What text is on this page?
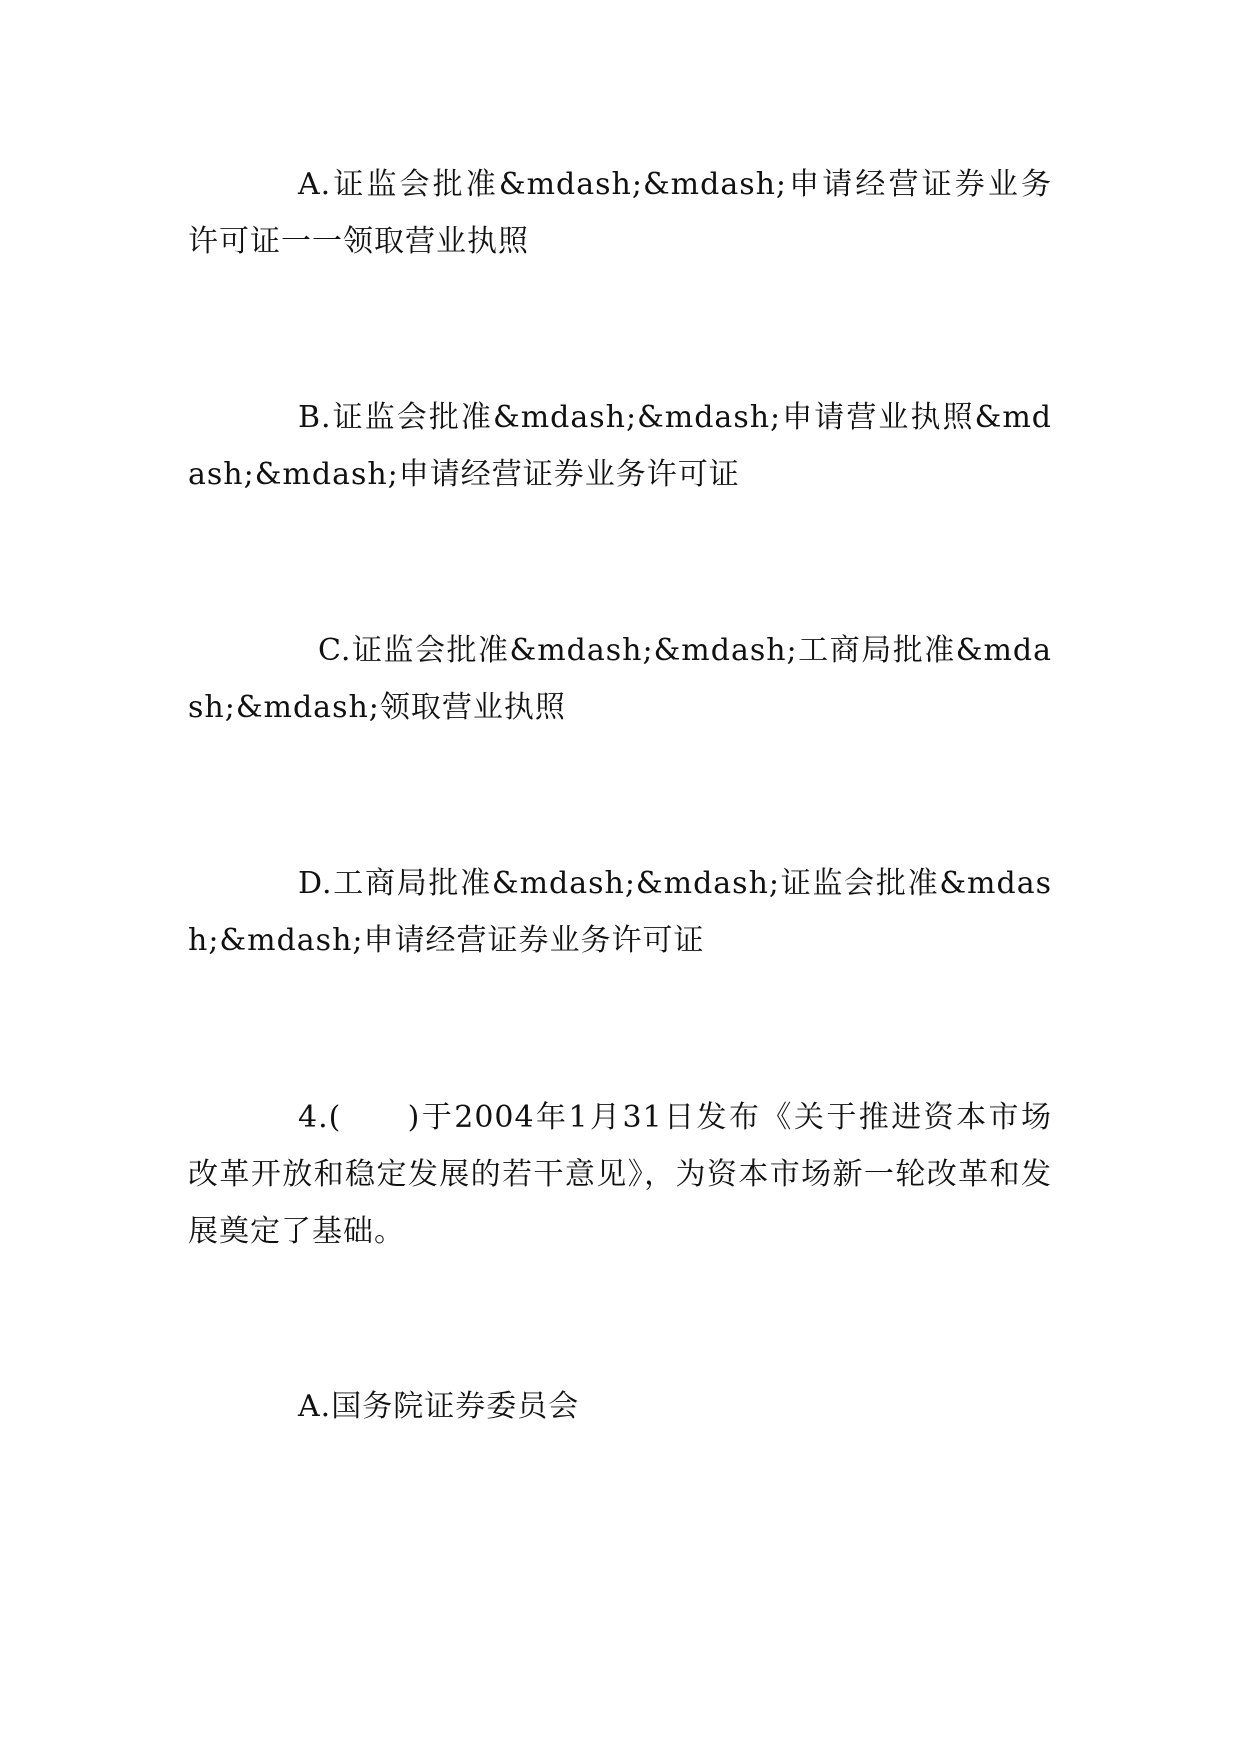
A.证监会批准&mdash;&mdash;申请经营证券业务许可证一一领取营业执照

B.证监会批准&mdash;&mdash;申请营业执照&mdash;&mdash;申请经营证券业务许可证

C.证监会批准&mdash;&mdash;工商局批准&mdash;&mdash;领取营业执照

D.工商局批准&mdash;&mdash;证监会批准&mdash;&mdash;申请经营证券业务许可证

4.(　　)于2004年1月31日发布《关于推进资本市场改革开放和稳定发展的若干意见》，为资本市场新一轮改革和发展奠定了基础。

A.国务院证券委员会
